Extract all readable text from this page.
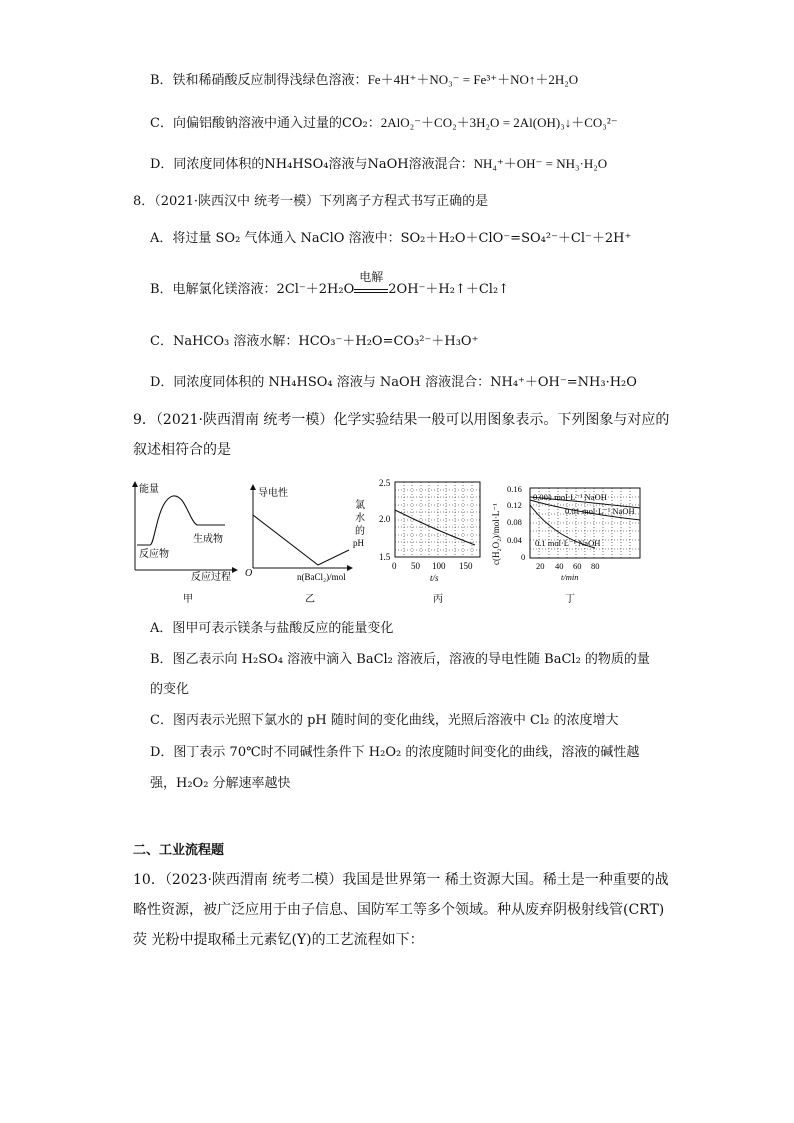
B．铁和稀硝酸反应制得浅绿色溶液：Fe＋4H⁺＋NO₃⁻ = Fe³⁺＋NO↑＋2H₂O
C．向偏铝酸钠溶液中通入过量的CO₂：2AlO₂⁻＋CO₂＋3H₂O = 2Al(OH)₃↓＋CO₃²⁻
D．同浓度同体积的NH₄HSO₄溶液与NaOH溶液混合：NH₄⁺＋OH⁻ = NH₃·H₂O
8．（2021·陕西汉中 统考一模）下列离子方程式书写正确的是
A．将过量 SO₂ 气体通入 NaClO 溶液中：SO₂＋H₂O＋ClO⁻=SO₄²⁻＋Cl⁻＋2H⁺
B．电解氯化镁溶液：2Cl⁻＋2H₂O
电解
2OH⁻＋H₂↑＋Cl₂↑
C．NaHCO₃ 溶液水解：HCO₃⁻＋H₂O=CO₃²⁻＋H₃O⁺
D．同浓度同体积的 NH₄HSO₄ 溶液与 NaOH 溶液混合：NH₄⁺＋OH⁻=NH₃·H₂O
9．（2021·陕西渭南 统考一模）化学实验结果一般可以用图象表示。下列图象与对应的
叙述相符合的是
能量
反应过程
反应物
生成物
导电性
O	n(BaCl₂)/mol
氯
水
的
pH
2.5
2.0
1.5
0 50 100 150
t/s
c(H₂O₂)/mol·L⁻¹
0.001 mol·L⁻¹ NaOH
0.01 mol·L⁻¹ NaOH
0.1 mol·L⁻¹ NaOH
0.16
0.12
0.08
0.04
0
20 40 60 80
t/min
甲	乙	丙	丁
A．图甲可表示镁条与盐酸反应的能量变化
B．图乙表示向 H₂SO₄ 溶液中滴入 BaCl₂ 溶液后，溶液的导电性随 BaCl₂ 的物质的量
的变化
C．图丙表示光照下氯水的 pH 随时间的变化曲线，光照后溶液中 Cl₂ 的浓度增大
D．图丁表示 70℃时不同碱性条件下 H₂O₂ 的浓度随时间变化的曲线，溶液的碱性越
强，H₂O₂ 分解速率越快
二、工业流程题
10．（2023·陕西渭南 统考二模）我国是世界第一 稀土资源大国。稀土是一种重要的战
略性资源，被广泛应用于由子信息、国防军工等多个领域。种从废弃阴极射线管(CRT)
荧 光粉中提取稀土元素钇(Y)的工艺流程如下：
